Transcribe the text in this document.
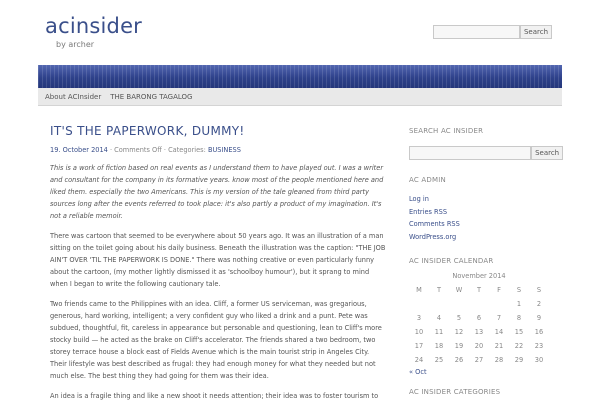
acinsider
by archer
Search
About ACInsider THE BARONG TAGALOG
IT'S THE PAPERWORK, DUMMY!
19. October 2014 · Comments Off · Categories: BUSINESS
This is a work of fiction based on real events as I understand them to have played out. I was a writer and consultant for the company in its formative years. know most of the people mentioned here and liked them. especially the two Americans. This is my version of the tale gleaned from third party sources long after the events referred to took place: it's also partly a product of my imagination. It's not a reliable memoir.
There was cartoon that seemed to be everywhere about 50 years ago. It was an illustration of a man sitting on the toilet going about his daily business. Beneath the illustration was the caption: "THE JOB AIN'T OVER 'TIL THE PAPERWORK IS DONE." There was nothing creative or even particularly funny about the cartoon, (my mother lightly dismissed it as 'schoolboy humour'), but it sprang to mind when I began to write the following cautionary tale.
Two friends came to the Philippines with an idea. Cliff, a former US serviceman, was gregarious, generous, hard working, intelligent; a very confident guy who liked a drink and a punt. Pete was subdued, thoughtful, fit, careless in appearance but personable and questioning, lean to Cliff's more stocky build — he acted as the brake on Cliff's accelerator. The friends shared a two bedroom, two storey terrace house a block east of Fields Avenue which is the main tourist strip in Angeles City. Their lifestyle was best described as frugal: they had enough money for what they needed but not much else. The best thing they had going for them was their idea.
An idea is a fragile thing and like a new shoot it needs attention; their idea was to foster tourism to
SEARCH AC INSIDER
Search
AC ADMIN
Log in
Entries RSS
Comments RSS
WordPress.org
AC INSIDER CALENDAR
November 2014
M	T	W	T	F	S	S
					1	2
3	4	5	6	7	8	9
10	11	12	13	14	15	16
17	18	19	20	21	22	23
24	25	26	27	28	29	30
« Oct
AC INSIDER CATEGORIES
